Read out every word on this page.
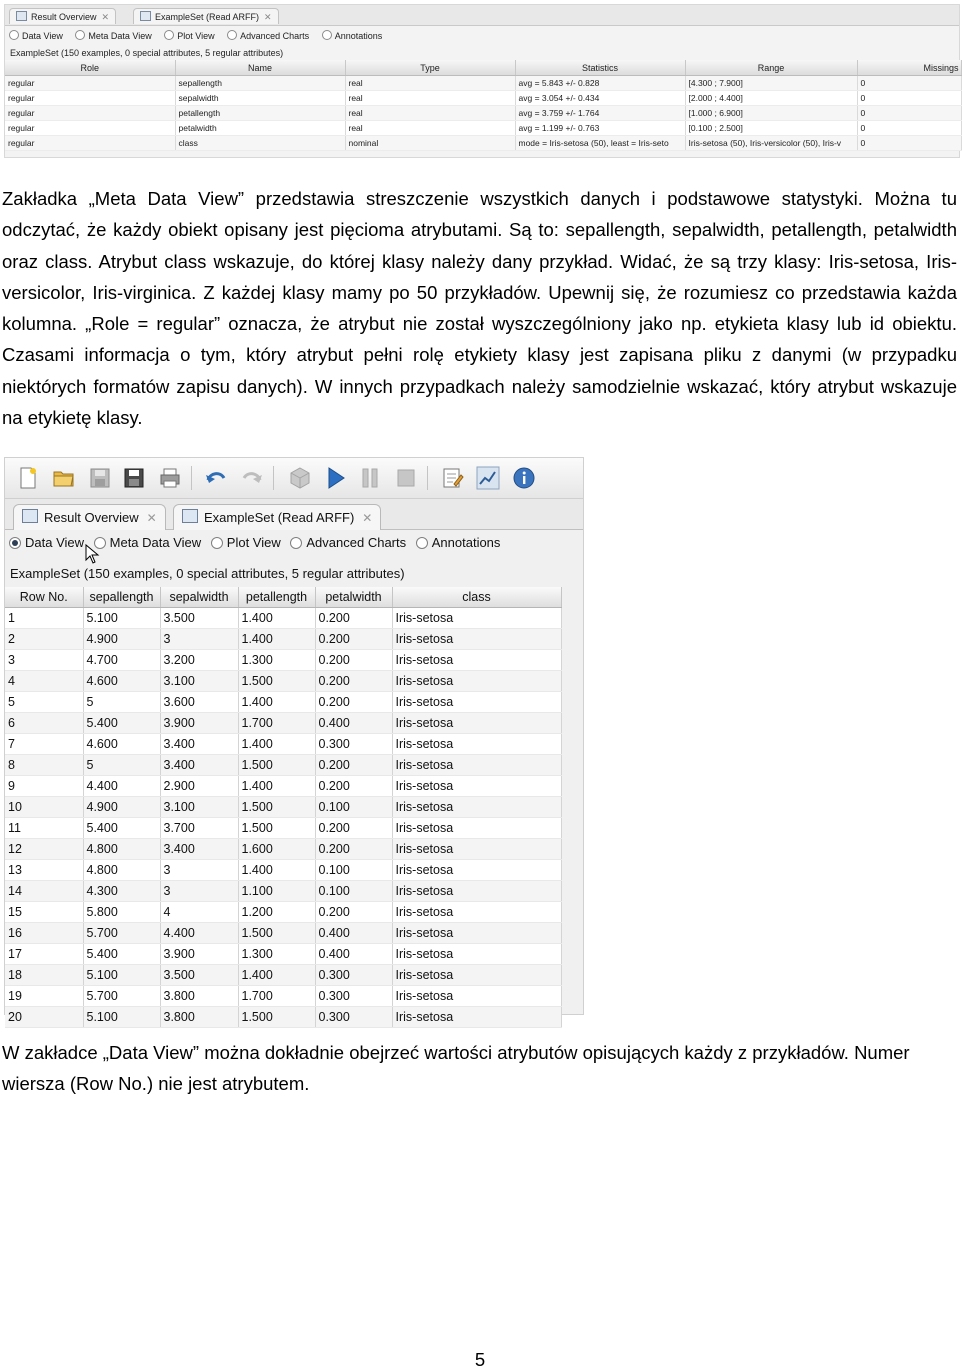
Result Overview ✕	ExampleSet (Read ARFF) ✕
Data View	Meta Data View	Plot View	Advanced Charts	Annotations
ExampleSet (150 examples, 0 special attributes, 5 regular attributes)
Role	Name	Type	Statistics	Range	Missings
regular	sepallength	real	avg = 5.843 +/- 0.828	[4.300 ; 7.900]	0
regular	sepalwidth	real	avg = 3.054 +/- 0.434	[2.000 ; 4.400]	0
regular	petallength	real	avg = 3.759 +/- 1.764	[1.000 ; 6.900]	0
regular	petalwidth	real	avg = 1.199 +/- 0.763	[0.100 ; 2.500]	0
regular	class	nominal	mode = Iris-setosa (50), least = Iris-seto	Iris-setosa (50), Iris-versicolor (50), Iris-v	0
Zakładka „Meta Data View” przedstawia streszczenie wszystkich danych i podstawowe statystyki. Można tu odczytać, że każdy obiekt opisany jest pięcioma atrybutami. Są to: sepallength, sepalwidth, petallength, petalwidth oraz class. Atrybut class wskazuje, do której klasy należy dany przykład. Widać, że są trzy klasy: Iris-setosa, Iris-versicolor, Iris-virginica. Z każdej klasy mamy po 50 przykładów. Upewnij się, że rozumiesz co przedstawia każda kolumna. „Role = regular” oznacza, że atrybut nie został wyszczególniony jako np. etykieta klasy lub id obiektu. Czasami informacja o tym, który atrybut pełni rolę etykiety klasy jest zapisana pliku z danymi (w przypadku niektórych formatów zapisu danych). W innych przypadkach należy samodzielnie wskazać, który atrybut wskazuje na etykietę klasy.
Result Overview ✕	ExampleSet (Read ARFF) ✕
Data View Meta Data View Plot View Advanced Charts Annotations
ExampleSet (150 examples, 0 special attributes, 5 regular attributes)
Row No.	sepallength	sepalwidth	petallength	petalwidth	class
1	5.100	3.500	1.400	0.200	Iris-setosa
2	4.900	3	1.400	0.200	Iris-setosa
3	4.700	3.200	1.300	0.200	Iris-setosa
4	4.600	3.100	1.500	0.200	Iris-setosa
5	5	3.600	1.400	0.200	Iris-setosa
6	5.400	3.900	1.700	0.400	Iris-setosa
7	4.600	3.400	1.400	0.300	Iris-setosa
8	5	3.400	1.500	0.200	Iris-setosa
9	4.400	2.900	1.400	0.200	Iris-setosa
10	4.900	3.100	1.500	0.100	Iris-setosa
11	5.400	3.700	1.500	0.200	Iris-setosa
12	4.800	3.400	1.600	0.200	Iris-setosa
13	4.800	3	1.400	0.100	Iris-setosa
14	4.300	3	1.100	0.100	Iris-setosa
15	5.800	4	1.200	0.200	Iris-setosa
16	5.700	4.400	1.500	0.400	Iris-setosa
17	5.400	3.900	1.300	0.400	Iris-setosa
18	5.100	3.500	1.400	0.300	Iris-setosa
19	5.700	3.800	1.700	0.300	Iris-setosa
20	5.100	3.800	1.500	0.300	Iris-setosa
W zakładce „Data View” można dokładnie obejrzeć wartości atrybutów opisujących każdy z przykładów. Numer wiersza (Row No.) nie jest atrybutem.
5
